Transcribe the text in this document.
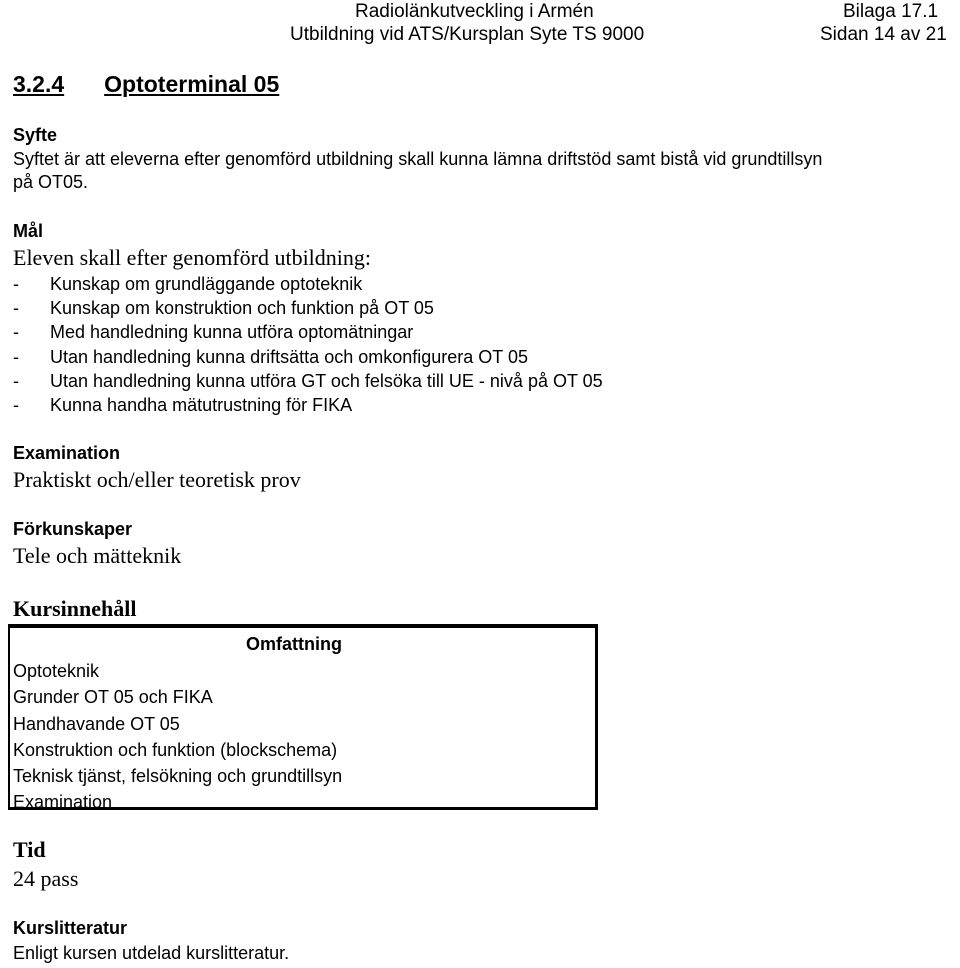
Radiolänkutveckling i Armén	Bilaga 17.1
Utbildning vid ATS/Kursplan Syte TS 9000	Sidan 14 av 21
3.2.4 Optoterminal 05
Syfte
Syftet är att eleverna efter genomförd utbildning skall kunna lämna driftstöd samt bistå vid grundtillsyn
på OT05.
Mål
Eleven skall efter genomförd utbildning:
- Kunskap om grundläggande optoteknik
- Kunskap om konstruktion och funktion på OT 05
- Med handledning kunna utföra optomätningar
- Utan handledning kunna driftsätta och omkonfigurera OT 05
- Utan handledning kunna utföra GT och felsöka till UE - nivå på OT 05
- Kunna handha mätutrustning för FIKA
Examination
Praktiskt och/eller teoretisk prov
Förkunskaper
Tele och mätteknik
Kursinnehåll
Omfattning
Optoteknik
Grunder OT 05 och FIKA
Handhavande OT 05
Konstruktion och funktion (blockschema)
Teknisk tjänst, felsökning och grundtillsyn
Examination
Tid
24 pass
Kurslitteratur
Enligt kursen utdelad kurslitteratur.
